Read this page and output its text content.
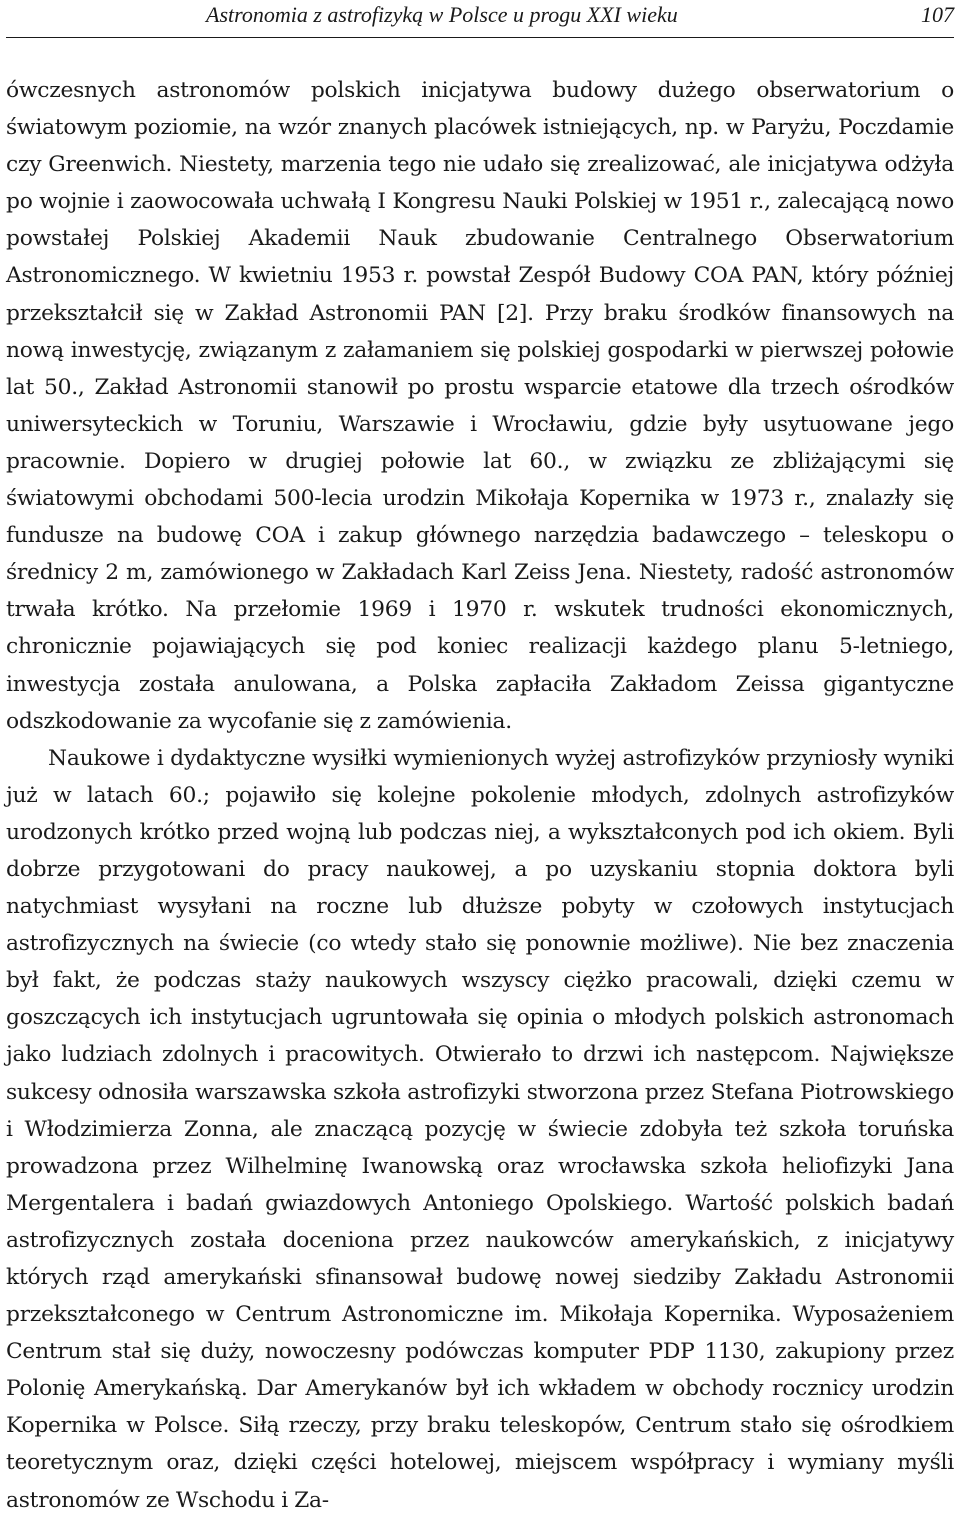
Astronomia z astrofizyką w Polsce u progu XXI wieku	107

ówczesnych astronomów polskich inicjatywa budowy dużego obserwatorium o światowym poziomie, na wzór znanych placówek istniejących, np. w Paryżu, Poczdamie czy Greenwich. Niestety, marzenia tego nie udało się zrealizować, ale inicjatywa odżyła po wojnie i zaowocowała uchwałą I Kongresu Nauki Polskiej w 1951 r., zalecającą nowo powstałej Polskiej Akademii Nauk zbudowanie Centralnego Obserwatorium Astronomicznego. W kwietniu 1953 r. powstał Zespół Budowy COA PAN, który później przekształcił się w Zakład Astronomii PAN [2]. Przy braku środków finansowych na nową inwestycję, związanym z załamaniem się polskiej gospodarki w pierwszej połowie lat 50., Zakład Astronomii stanowił po prostu wsparcie etatowe dla trzech ośrodków uniwersyteckich w Toruniu, Warszawie i Wrocławiu, gdzie były usytuowane jego pracownie. Dopiero w drugiej połowie lat 60., w związku ze zbliżającymi się światowymi obchodami 500-lecia urodzin Mikołaja Kopernika w 1973 r., znalazły się fundusze na budowę COA i zakup głównego narzędzia badawczego – teleskopu o średnicy 2 m, zamówionego w Zakładach Karl Zeiss Jena. Niestety, radość astronomów trwała krótko. Na przełomie 1969 i 1970 r. wskutek trudności ekonomicznych, chronicznie pojawiających się pod koniec realizacji każdego planu 5-letniego, inwestycja została anulowana, a Polska zapłaciła Zakładom Zeissa gigantyczne odszkodowanie za wycofanie się z zamówienia.

Naukowe i dydaktyczne wysiłki wymienionych wyżej astrofizyków przyniosły wyniki już w latach 60.; pojawiło się kolejne pokolenie młodych, zdolnych astrofizyków urodzonych krótko przed wojną lub podczas niej, a wykształconych pod ich okiem. Byli dobrze przygotowani do pracy naukowej, a po uzyskaniu stopnia doktora byli natychmiast wysyłani na roczne lub dłuższe pobyty w czołowych instytucjach astrofizycznych na świecie (co wtedy stało się ponownie możliwe). Nie bez znaczenia był fakt, że podczas staży naukowych wszyscy ciężko pracowali, dzięki czemu w goszczących ich instytucjach ugruntowała się opinia o młodych polskich astronomach jako ludziach zdolnych i pracowitych. Otwierało to drzwi ich następcom. Największe sukcesy odnosiła warszawska szkoła astrofizyki stworzona przez Stefana Piotrowskiego i Włodzimierza Zonna, ale znaczącą pozycję w świecie zdobyła też szkoła toruńska prowadzona przez Wilhelminę Iwanowską oraz wrocławska szkoła heliofizyki Jana Mergentalera i badań gwiazdowych Antoniego Opolskiego. Wartość polskich badań astrofizycznych została doceniona przez naukowców amerykańskich, z inicjatywy których rząd amerykański sfinansował budowę nowej siedziby Zakładu Astronomii przekształconego w Centrum Astronomiczne im. Mikołaja Kopernika. Wyposażeniem Centrum stał się duży, nowoczesny podówczas komputer PDP 1130, zakupiony przez Polonię Amerykańską. Dar Amerykanów był ich wkładem w obchody rocznicy urodzin Kopernika w Polsce. Siłą rzeczy, przy braku teleskopów, Centrum stało się ośrodkiem teoretycznym oraz, dzięki części hotelowej, miejscem współpracy i wymiany myśli astronomów ze Wschodu i Za-
